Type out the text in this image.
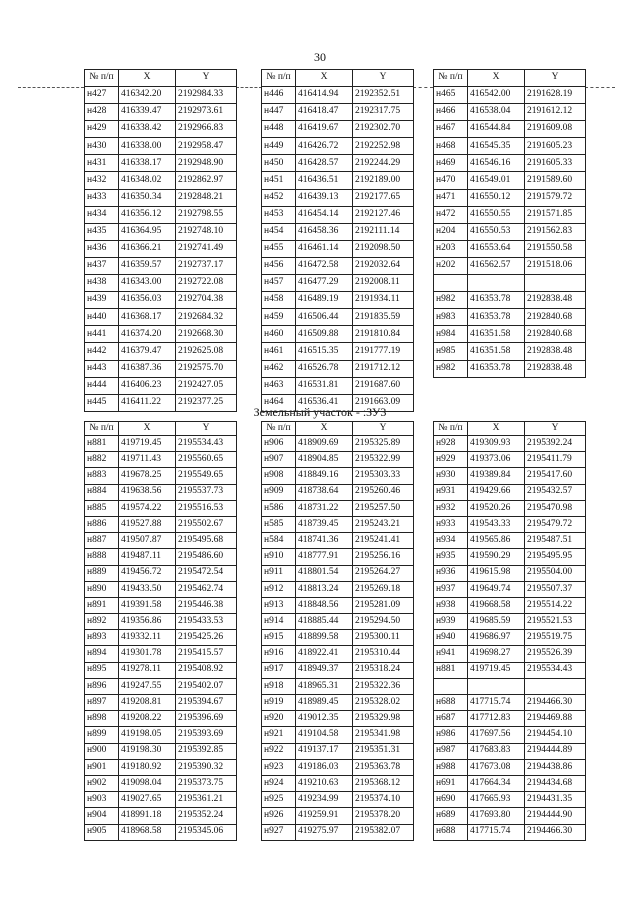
30
Земельный участок - :ЗУ3
№ п/п	X	Y
н427	416342.20	2192984.33
н428	416339.47	2192973.61
н429	416338.42	2192966.83
н430	416338.00	2192958.47
н431	416338.17	2192948.90
н432	416348.02	2192862.97
н433	416350.34	2192848.21
н434	416356.12	2192798.55
н435	416364.95	2192748.10
н436	416366.21	2192741.49
н437	416359.57	2192737.17
н438	416343.00	2192722.08
н439	416356.03	2192704.38
н440	416368.17	2192684.32
н441	416374.20	2192668.30
н442	416379.47	2192625.08
н443	416387.36	2192575.70
н444	416406.23	2192427.05
н445	416411.22	2192377.25
№ п/п	X	Y
н446	416414.94	2192352.51
н447	416418.47	2192317.75
н448	416419.67	2192302.70
н449	416426.72	2192252.98
н450	416428.57	2192244.29
н451	416436.51	2192189.00
н452	416439.13	2192177.65
н453	416454.14	2192127.46
н454	416458.36	2192111.14
н455	416461.14	2192098.50
н456	416472.58	2192032.64
н457	416477.29	2192008.11
н458	416489.19	2191934.11
н459	416506.44	2191835.59
н460	416509.88	2191810.84
н461	416515.35	2191777.19
н462	416526.78	2191712.12
н463	416531.81	2191687.60
н464	416536.41	2191663.09
№ п/п	X	Y
н465	416542.00	2191628.19
н466	416538.04	2191612.12
н467	416544.84	2191609.08
н468	416545.35	2191605.23
н469	416546.16	2191605.33
н470	416549.01	2191589.60
н471	416550.12	2191579.72
н472	416550.55	2191571.85
н204	416550.53	2191562.83
н203	416553.64	2191550.58
н202	416562.57	2191518.06

н982	416353.78	2192838.48
н983	416353.78	2192840.68
н984	416351.58	2192840.68
н985	416351.58	2192838.48
н982	416353.78	2192838.48
№ п/п	X	Y
н881	419719.45	2195534.43
н882	419711.43	2195560.65
н883	419678.25	2195549.65
н884	419638.56	2195537.73
н885	419574.22	2195516.53
н886	419527.88	2195502.67
н887	419507.87	2195495.68
н888	419487.11	2195486.60
н889	419456.72	2195472.54
н890	419433.50	2195462.74
н891	419391.58	2195446.38
н892	419356.86	2195433.53
н893	419332.11	2195425.26
н894	419301.78	2195415.57
н895	419278.11	2195408.92
н896	419247.55	2195402.07
н897	419208.81	2195394.67
н898	419208.22	2195396.69
н899	419198.05	2195393.69
н900	419198.30	2195392.85
н901	419180.92	2195390.32
н902	419098.04	2195373.75
н903	419027.65	2195361.21
н904	418991.18	2195352.24
н905	418968.58	2195345.06
№ п/п	X	Y
н906	418909.69	2195325.89
н907	418904.85	2195322.99
н908	418849.16	2195303.33
н909	418738.64	2195260.46
н586	418731.22	2195257.50
н585	418739.45	2195243.21
н584	418741.36	2195241.41
н910	418777.91	2195256.16
н911	418801.54	2195264.27
н912	418813.24	2195269.18
н913	418848.56	2195281.09
н914	418885.44	2195294.50
н915	418899.58	2195300.11
н916	418922.41	2195310.44
н917	418949.37	2195318.24
н918	418965.31	2195322.36
н919	418989.45	2195328.02
н920	419012.35	2195329.98
н921	419104.58	2195341.98
н922	419137.17	2195351.31
н923	419186.03	2195363.78
н924	419210.63	2195368.12
н925	419234.99	2195374.10
н926	419259.91	2195378.20
н927	419275.97	2195382.07
№ п/п	X	Y
н928	419309.93	2195392.24
н929	419373.06	2195411.79
н930	419389.84	2195417.60
н931	419429.66	2195432.57
н932	419520.26	2195470.98
н933	419543.33	2195479.72
н934	419565.86	2195487.51
н935	419590.29	2195495.95
н936	419615.98	2195504.00
н937	419649.74	2195507.37
н938	419668.58	2195514.22
н939	419685.59	2195521.53
н940	419686.97	2195519.75
н941	419698.27	2195526.39
н881	419719.45	2195534.43

н688	417715.74	2194466.30
н687	417712.83	2194469.88
н986	417697.56	2194454.10
н987	417683.83	2194444.89
н988	417673.08	2194438.86
н691	417664.34	2194434.68
н690	417665.93	2194431.35
н689	417693.80	2194444.90
н688	417715.74	2194466.30
